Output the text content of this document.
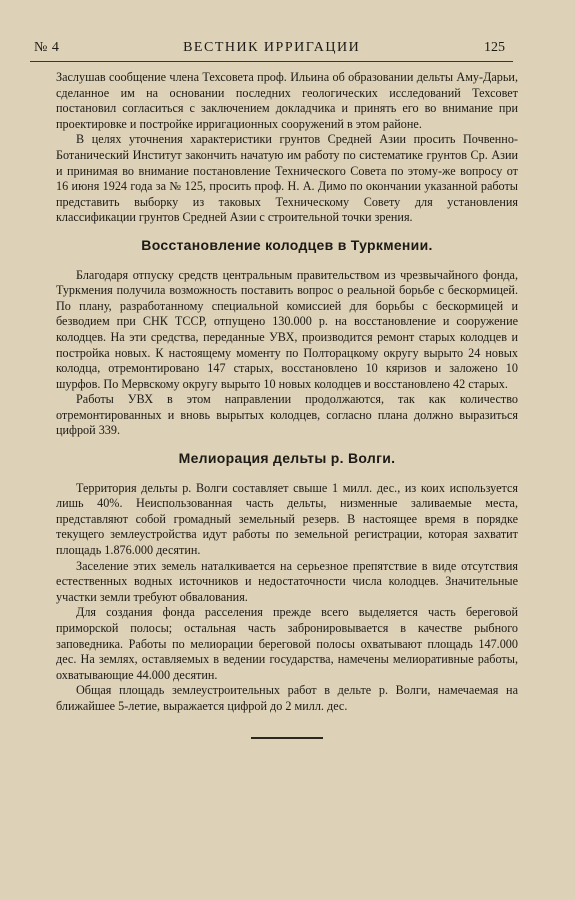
№ 4	ВЕСТНИК ИРРИГАЦИИ	125

Заслушав сообщение члена Техсовета проф. Ильина об образовании дельты Аму-Дарьи, сделанное им на основании последних геологических исследований Техсовет постановил согласиться с заключением докладчика и принять его во внимание при проектировке и постройке ирригационных сооружений в этом районе.

В целях уточнения характеристики грунтов Средней Азии просить Почвенно-Ботанический Институт закончить начатую им работу по систематике грунтов Ср. Азии и принимая во внимание постановление Технического Совета по этому-же вопросу от 16 июня 1924 года за № 125, просить проф. Н. А. Димо по окончании указанной работы представить выборку из таковых Техническому Совету для установления классификации грунтов Средней Азии с строительной точки зрения.

Восстановление колодцев в Туркмении.

Благодаря отпуску средств центральным правительством из чрезвычайного фонда, Туркмения получила возможность поставить вопрос о реальной борьбе с бескормицей. По плану, разработанному специальной комиссией для борьбы с бескормицей и безводием при СНК ТССР, отпущено 130.000 р. на восстановление и сооружение колодцев. На эти средства, переданные УВХ, производится ремонт старых колодцев и постройка новых. К настоящему моменту по Полторацкому округу вырыто 24 новых колодца, отремонтировано 147 старых, восстановлено 10 кяризов и заложено 10 шурфов. По Мервскому округу вырыто 10 новых колодцев и восстановлено 42 старых.

Работы УВХ в этом направлении продолжаются, так как количество отремонтированных и вновь вырытых колодцев, согласно плана должно выразиться цифрой 339.

Мелиорация дельты р. Волги.

Территория дельты р. Волги составляет свыше 1 милл. дес., из коих используется лишь 40%. Неиспользованная часть дельты, низменные заливаемые места, представляют собой громадный земельный резерв. В настоящее время в порядке текущего землеустройства идут работы по земельной регистрации, которая захватит площадь 1.876.000 десятин.

Заселение этих земель наталкивается на серьезное препятствие в виде отсутствия естественных водных источников и недостаточности числа колодцев. Значительные участки земли требуют обвалования.

Для создания фонда расселения прежде всего выделяется часть береговой приморской полосы; остальная часть забронировывается в качестве рыбного заповедника. Работы по мелиорации береговой полосы охватывают площадь 147.000 дес. На землях, оставляемых в ведении государства, намечены мелиоративные работы, охватывающие 44.000 десятин.

Общая площадь землеустроительных работ в дельте р. Волги, намечаемая на ближайшее 5-летие, выражается цифрой до 2 милл. дес.
